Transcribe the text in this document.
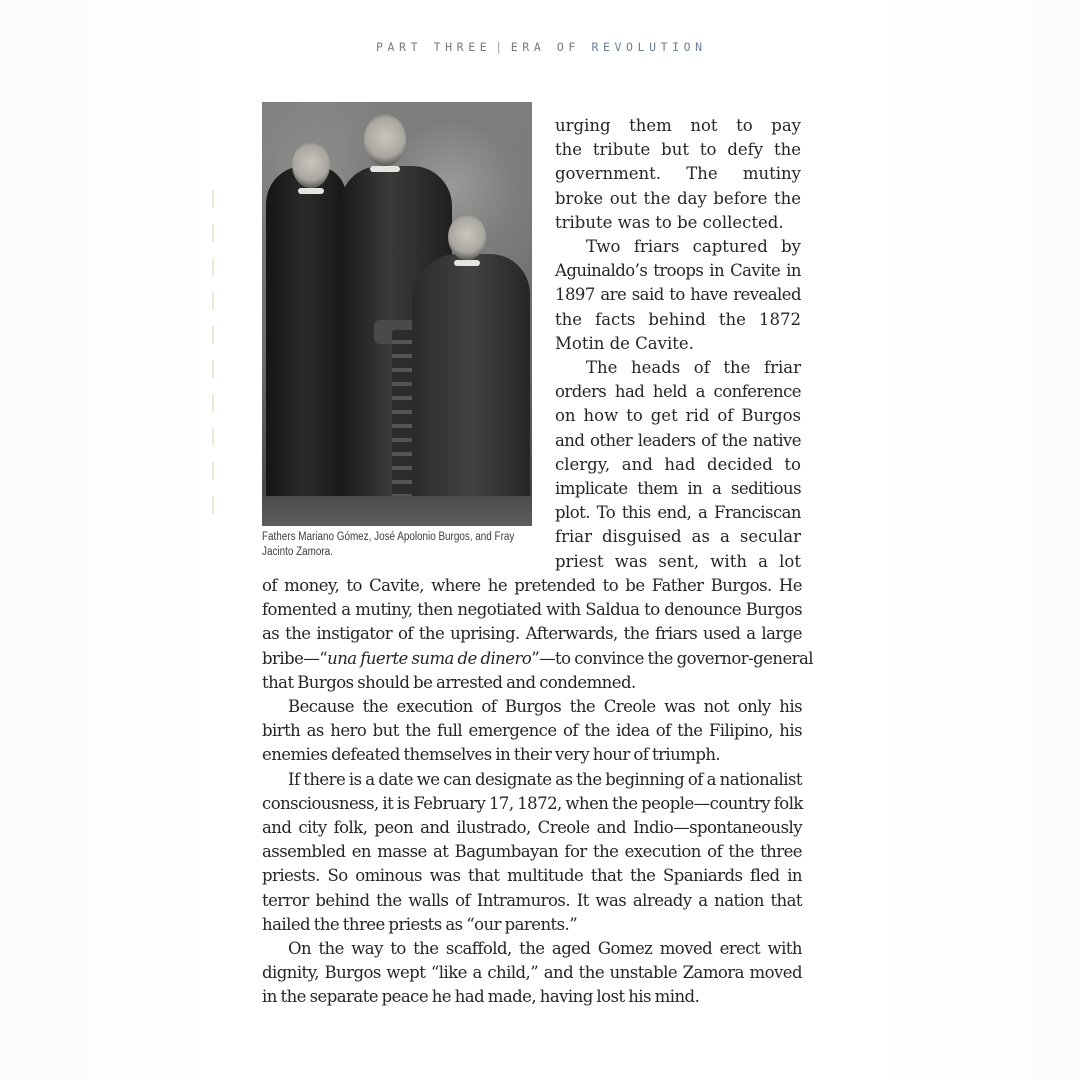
PART THREE | ERA OF REVOLUTION
Fathers Mariano Gómez, José Apolonio Burgos, and Fray
Jacinto Zamora.

urging them not to pay
the tribute but to defy the
government. The mutiny
broke out the day before the
tribute was to be collected.

Two friars captured by
Aguinaldo’s troops in Cavite in
1897 are said to have revealed
the facts behind the 1872
Motin de Cavite.

The heads of the friar
orders had held a conference
on how to get rid of Burgos
and other leaders of the native
clergy, and had decided to
implicate them in a seditious
plot. To this end, a Franciscan
friar disguised as a secular
priest was sent, with a lot

of money, to Cavite, where he pretended to be Father Burgos. He
fomented a mutiny, then negotiated with Saldua to denounce Burgos
as the instigator of the uprising. Afterwards, the friars used a large
bribe—“una fuerte suma de dinero”—to convince the governor-general
that Burgos should be arrested and condemned.

Because the execution of Burgos the Creole was not only his
birth as hero but the full emergence of the idea of the Filipino, his
enemies defeated themselves in their very hour of triumph.

If there is a date we can designate as the beginning of a nationalist
consciousness, it is February 17, 1872, when the people—country folk
and city folk, peon and ilustrado, Creole and Indio—spontaneously
assembled en masse at Bagumbayan for the execution of the three
priests. So ominous was that multitude that the Spaniards fled in
terror behind the walls of Intramuros. It was already a nation that
hailed the three priests as “our parents.”

On the way to the scaffold, the aged Gomez moved erect with
dignity, Burgos wept “like a child,” and the unstable Zamora moved
in the separate peace he had made, having lost his mind.
